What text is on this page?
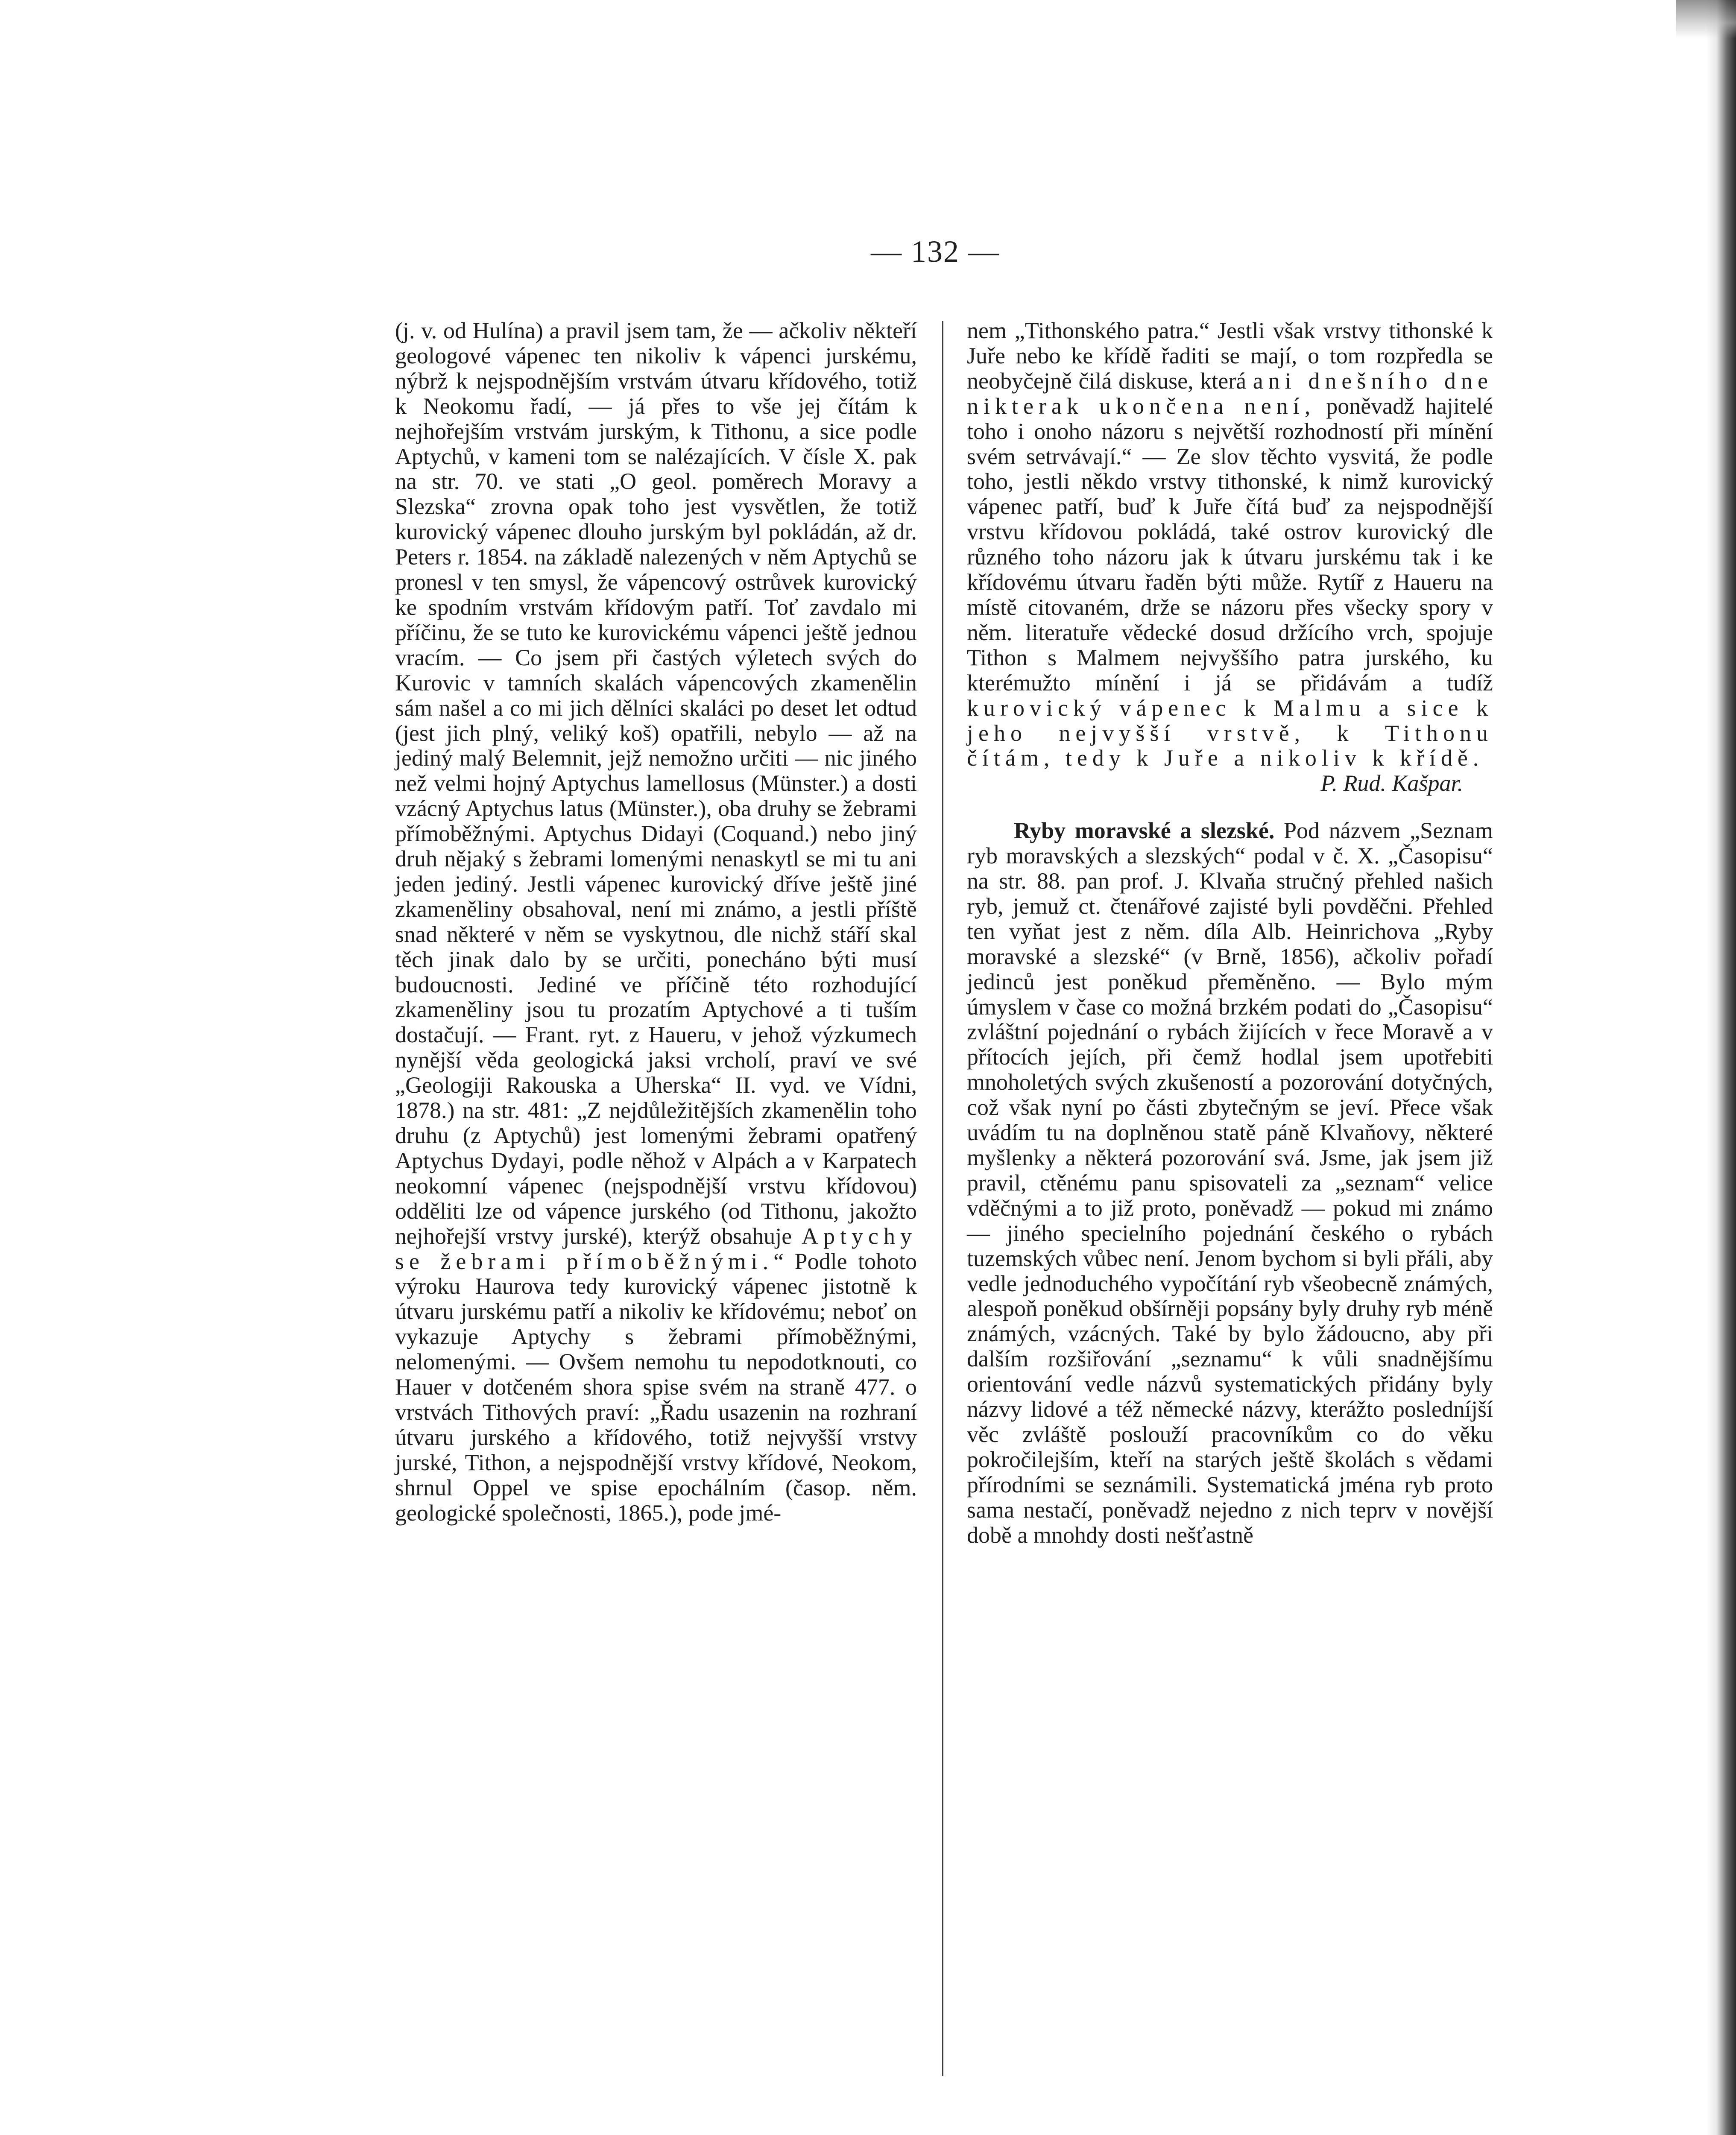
— 132 —

(j. v. od Hulína) a pravil jsem tam, že — ačkoliv někteří geologové vápenec ten nikoliv k vápenci jurskému, nýbrž k nejspodnějším vrstvám útvaru křídového, totiž k Neokomu řadí, — já přes to vše jej čítám k nejhořejším vrstvám jurským, k Tithonu, a sice podle Aptychů, v kameni tom se nalézajících. V čísle X. pak na str. 70. ve stati „O geol. poměrech Moravy a Slezska“ zrovna opak toho jest vysvětlen, že totiž kurovický vápenec dlouho jurským byl pokládán, až dr. Peters r. 1854. na základě nalezených v něm Aptychů se pronesl v ten smysl, že vápencový ostrůvek kurovický ke spodním vrstvám křídovým patří. Toť zavdalo mi příčinu, že se tuto ke kurovickému vápenci ještě jednou vracím. — Co jsem při častých výletech svých do Kurovic v tamních skalách vápencových zkamenělin sám našel a co mi jich dělníci skaláci po deset let odtud (jest jich plný, veliký koš) opatřili, nebylo — až na jediný malý Belemnit, jejž nemožno určiti — nic jiného než velmi hojný Aptychus lamellosus (Münster.) a dosti vzácný Aptychus latus (Münster.), oba druhy se žebrami přímoběžnými. Aptychus Didayi (Coquand.) nebo jiný druh nějaký s žebrami lomenými nenaskytl se mi tu ani jeden jediný. Jestli vápenec kurovický dříve ještě jiné zkameněliny obsahoval, není mi známo, a jestli příště snad některé v něm se vyskytnou, dle nichž stáří skal těch jinak dalo by se určiti, ponecháno býti musí budoucnosti. Jediné ve příčině této rozhodující zkameněliny jsou tu prozatím Aptychové a ti tuším dostačují. — Frant. ryt. z Haueru, v jehož výzkumech nynější věda geologická jaksi vrcholí, praví ve své „Geologiji Rakouska a Uherska“ II. vyd. ve Vídni, 1878.) na str. 481: „Z nejdůležitějších zkamenělin toho druhu (z Aptychů) jest lomenými žebrami opatřený Aptychus Dydayi, podle něhož v Alpách a v Karpatech neokomní vápenec (nejspodnější vrstvu křídovou) odděliti lze od vápence jurského (od Tithonu, jakožto nejhořejší vrstvy jurské), kterýž obsahuje Aptychy se žebrami přímoběžnými.“ Podle tohoto výroku Haurova tedy kurovický vápenec jistotně k útvaru jurskému patří a nikoliv ke křídovému; neboť on vykazuje Aptychy s žebrami přímoběžnými, nelomenými. — Ovšem nemohu tu nepodotknouti, co Hauer v dotčeném shora spise svém na straně 477. o vrstvách Tithových praví: „Řadu usazenin na rozhraní útvaru jurského a křídového, totiž nejvyšší vrstvy jurské, Tithon, a nejspodnější vrstvy křídové, Neokom, shrnul Oppel ve spise epochálním (časop. něm. geologické společnosti, 1865.), pode jmé-

nem „Tithonského patra.“ Jestli však vrstvy tithonské k Juře nebo ke křídě řaditi se mají, o tom rozpředla se neobyčejně čilá diskuse, která ani dnešního dne nikterak ukončena není, poněvadž hajitelé toho i onoho názoru s největší rozhodností při mínění svém setrvávají.“ — Ze slov těchto vysvitá, že podle toho, jestli někdo vrstvy tithonské, k nimž kurovický vápenec patří, buď k Juře čítá buď za nejspodnější vrstvu křídovou pokládá, také ostrov kurovický dle různého toho názoru jak k útvaru jurskému tak i ke křídovému útvaru řaděn býti může. Rytíř z Haueru na místě citovaném, drže se názoru přes všecky spory v něm. literatuře vědecké dosud držícího vrch, spojuje Tithon s Malmem nejvyššího patra jurského, ku kterémužto mínění i já se přidávám a tudíž kurovický vápenec k Malmu a sice k jeho nejvyšší vrstvě, k Tithonu čítám, tedy k Juře a nikoliv k křídě.

P. Rud. Kašpar.

Ryby moravské a slezské. Pod názvem „Seznam ryb moravských a slezských“ podal v č. X. „Časopisu“ na str. 88. pan prof. J. Klvaňa stručný přehled našich ryb, jemuž ct. čtenářové zajisté byli povděčni. Přehled ten vyňat jest z něm. díla Alb. Heinrichova „Ryby moravské a slezské“ (v Brně, 1856), ačkoliv pořadí jedinců jest poněkud přeměněno. — Bylo mým úmyslem v čase co možná brzkém podati do „Časopisu“ zvláštní pojednání o rybách žijících v řece Moravě a v přítocích jejích, při čemž hodlal jsem upotřebiti mnoholetých svých zkušeností a pozorování dotyčných, což však nyní po části zbytečným se jeví. Přece však uvádím tu na doplněnou statě páně Klvaňovy, některé myšlenky a některá pozorování svá. Jsme, jak jsem již pravil, ctěnému panu spisovateli za „seznam“ velice vděčnými a to již proto, poněvadž — pokud mi známo — jiného specielního pojednání českého o rybách tuzemských vůbec není. Jenom bychom si byli přáli, aby vedle jednoduchého vypočítání ryb všeobecně známých, alespoň poněkud obšírněji popsány byly druhy ryb méně známých, vzácných. Také by bylo žádoucno, aby při dalším rozšiřování „seznamu“ k vůli snadnějšímu orientování vedle názvů systematických přidány byly názvy lidové a též německé názvy, kterážto posledníjší věc zvláště poslouží pracovníkům co do věku pokročilejším, kteří na starých ještě školách s vědami přírodními se seznámili. Systematická jména ryb proto sama nestačí, poněvadž nejedno z nich teprv v novější době a mnohdy dosti nešťastně
